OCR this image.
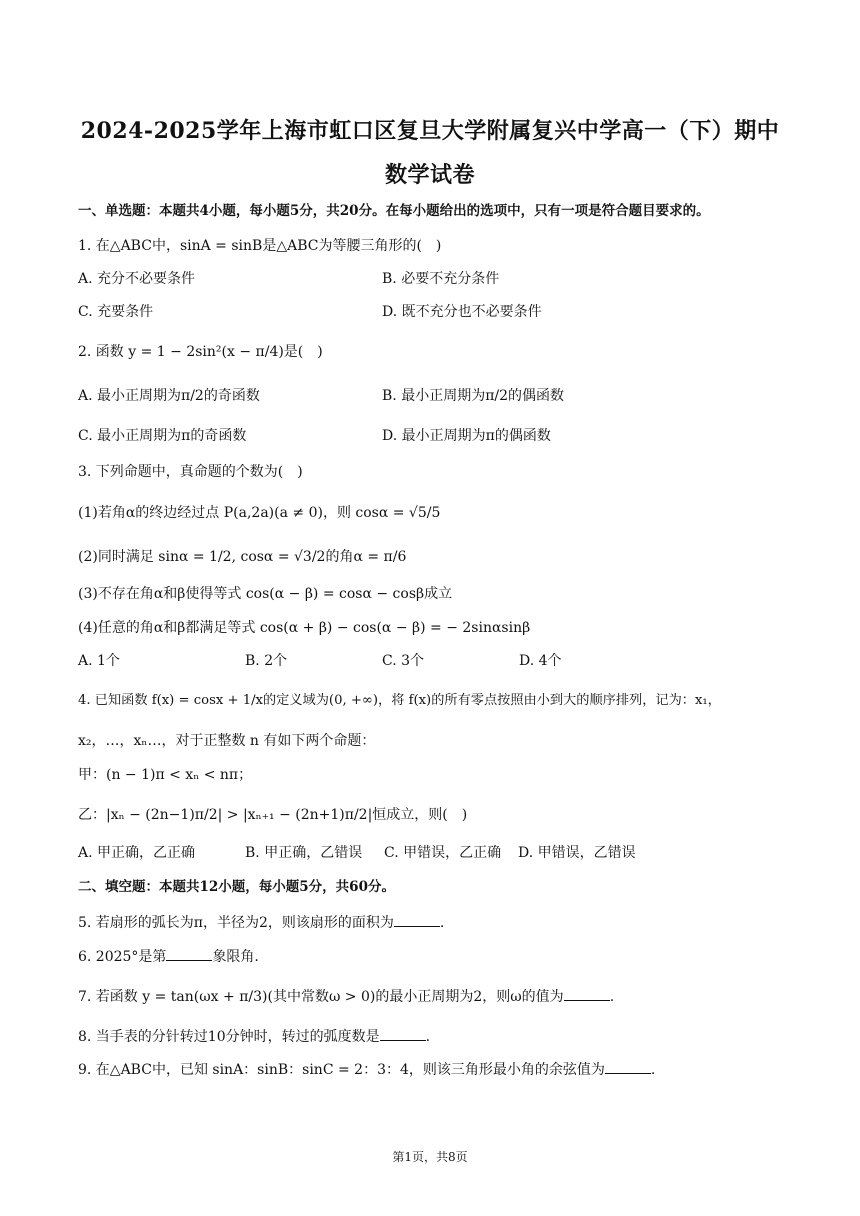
2024-2025学年上海市虹口区复旦大学附属复兴中学高一（下）期中
数学试卷
一、单选题：本题共4小题，每小题5分，共20分。在每小题给出的选项中，只有一项是符合题目要求的。
1. 在△ABC中，sinA = sinB是△ABC为等腰三角形的(　)
A. 充分不必要条件	B. 必要不充分条件
C. 充要条件	D. 既不充分也不必要条件
2. 函数 y = 1 − 2sin²(x − π/4)是(　)
A. 最小正周期为π/2的奇函数	B. 最小正周期为π/2的偶函数
C. 最小正周期为π的奇函数	D. 最小正周期为π的偶函数
3. 下列命题中，真命题的个数为(　)
(1)若角α的终边经过点 P(a,2a)(a ≠ 0)，则 cosα = √5/5
(2)同时满足 sinα = 1/2, cosα = √3/2的角α = π/6
(3)不存在角α和β使得等式 cos(α − β) = cosα − cosβ成立
(4)任意的角α和β都满足等式 cos(α + β) − cos(α − β) = − 2sinαsinβ
A. 1个	B. 2个	C. 3个	D. 4个
4. 已知函数 f(x) = cosx + 1/x的定义域为(0, +∞)，将 f(x)的所有零点按照由小到大的顺序排列，记为：x₁，
x₂，…，xₙ…，对于正整数 n 有如下两个命题：
甲：(n − 1)π < xₙ < nπ；
乙：|xₙ − (2n−1)π/2| > |xₙ₊₁ − (2n+1)π/2|恒成立，则(　)
A. 甲正确，乙正确	B. 甲正确，乙错误 C. 甲错误，乙正确 D. 甲错误，乙错误
二、填空题：本题共12小题，每小题5分，共60分。
5. 若扇形的弧长为π，半径为2，则该扇形的面积为	.
6. 2025°是第	象限角.
7. 若函数 y = tan(ωx + π/3)(其中常数ω > 0)的最小正周期为2，则ω的值为	.
8. 当手表的分针转过10分钟时，转过的弧度数是	.
9. 在△ABC中，已知 sinA：sinB：sinC = 2：3：4，则该三角形最小角的余弦值为	.
第1页，共8页
